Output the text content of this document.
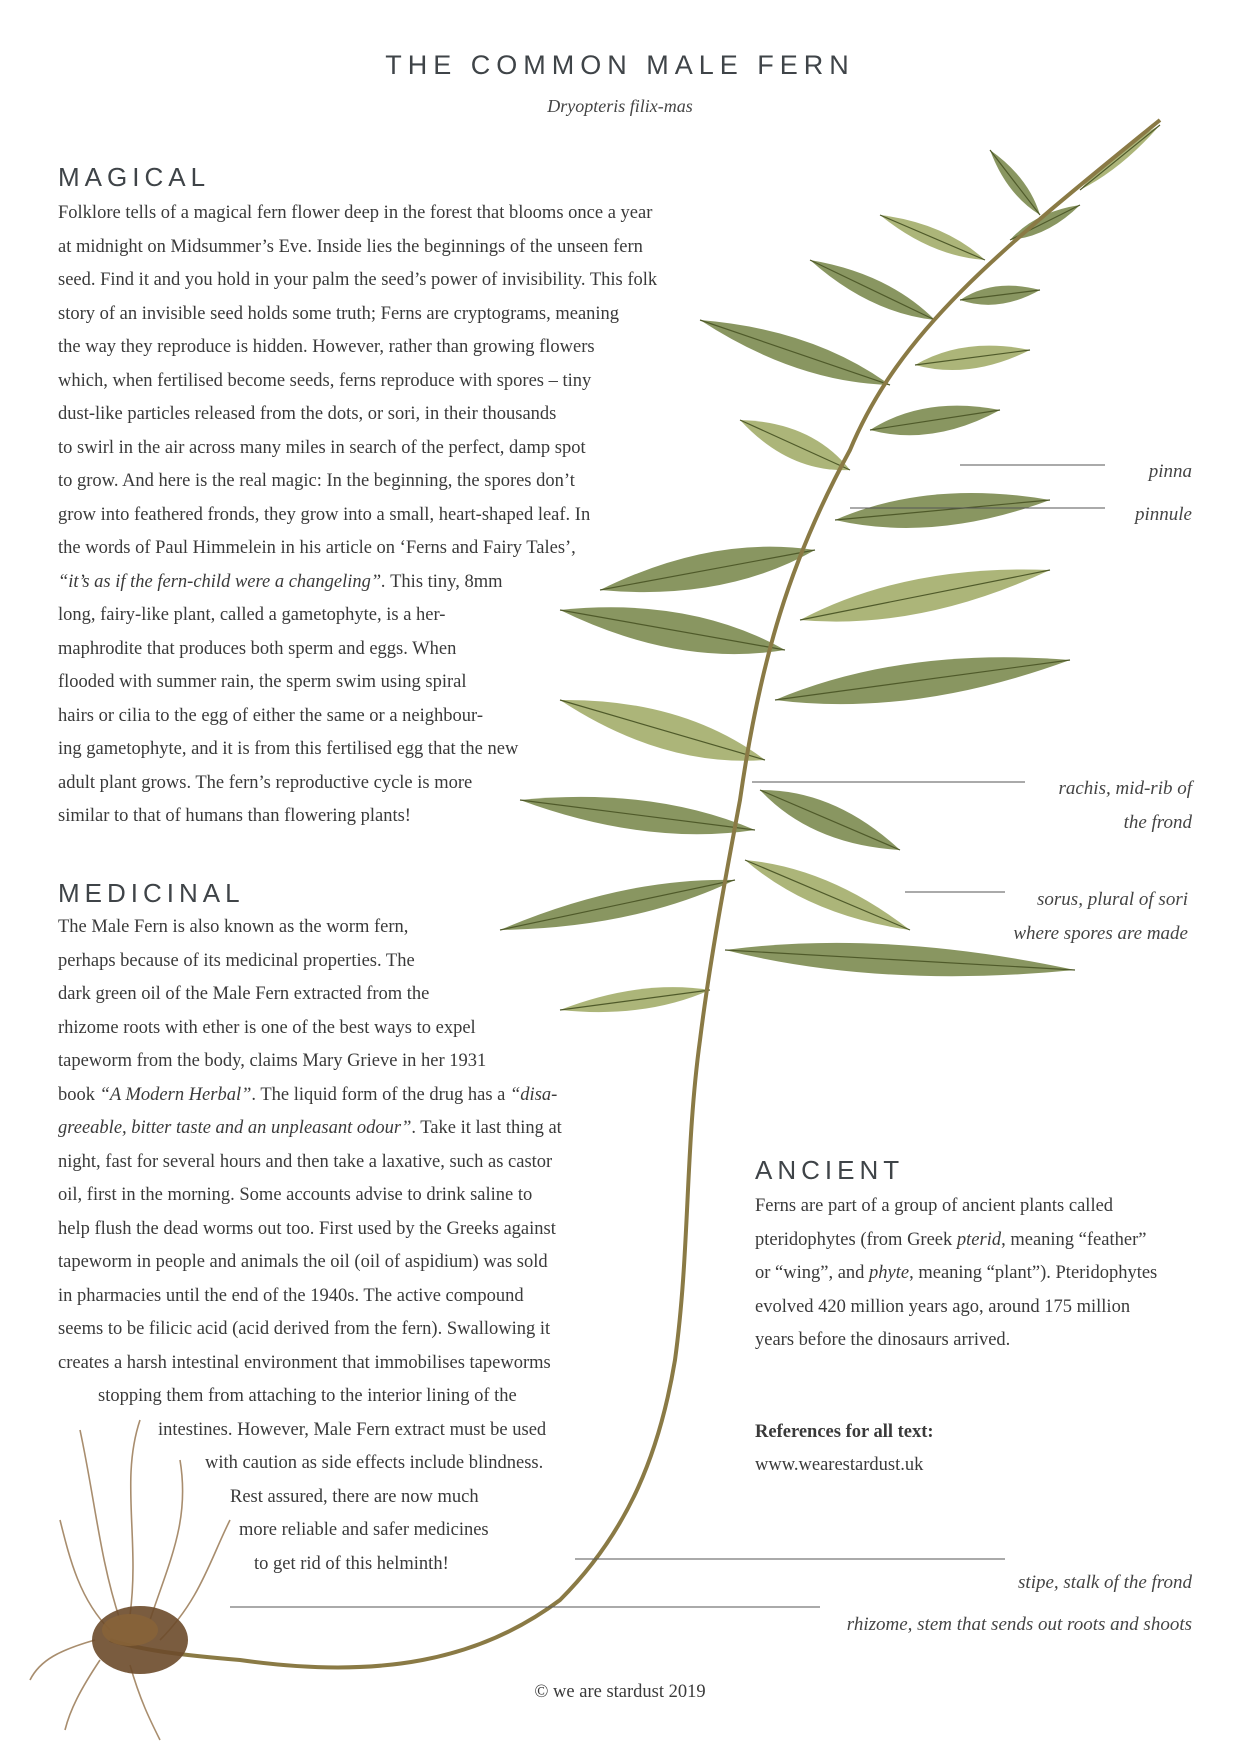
THE COMMON MALE FERN
Dryopteris filix-mas
MAGICAL
Folklore tells of a magical fern flower deep in the forest that blooms once a year
at midnight on Midsummer’s Eve. Inside lies the beginnings of the unseen fern
seed. Find it and you hold in your palm the seed’s power of invisibility. This folk
story of an invisible seed holds some truth; Ferns are cryptograms, meaning
the way they reproduce is hidden. However, rather than growing flowers
which, when fertilised become seeds, ferns reproduce with spores – tiny
dust-like particles released from the dots, or sori, in their thousands
to swirl in the air across many miles in search of the perfect, damp spot
to grow. And here is the real magic: In the beginning, the spores don’t
grow into feathered fronds, they grow into a small, heart-shaped leaf. In
the words of Paul Himmelein in his article on ‘Ferns and Fairy Tales’,
“it’s as if the fern-child were a changeling”. This tiny, 8mm
long, fairy-like plant, called a gametophyte, is a her-
maphrodite that produces both sperm and eggs. When
flooded with summer rain, the sperm swim using spiral
hairs or cilia to the egg of either the same or a neighbour-
ing gametophyte, and it is from this fertilised egg that the new
adult plant grows. The fern’s reproductive cycle is more
similar to that of humans than flowering plants!
MEDICINAL
The Male Fern is also known as the worm fern,
perhaps because of its medicinal properties. The
dark green oil of the Male Fern extracted from the
rhizome roots with ether is one of the best ways to expel
tapeworm from the body, claims Mary Grieve in her 1931
book “A Modern Herbal”. The liquid form of the drug has a “disa-
greeable, bitter taste and an unpleasant odour”. Take it last thing at
night, fast for several hours and then take a laxative, such as castor
oil, first in the morning. Some accounts advise to drink saline to
help flush the dead worms out too. First used by the Greeks against
tapeworm in people and animals the oil (oil of aspidium) was sold
in pharmacies until the end of the 1940s. The active compound
seems to be filicic acid (acid derived from the fern). Swallowing it
creates a harsh intestinal environment that immobilises tapeworms
stopping them from attaching to the interior lining of the
intestines. However, Male Fern extract must be used
with caution as side effects include blindness.
Rest assured, there are now much
more reliable and safer medicines
to get rid of this helminth!
ANCIENT
Ferns are part of a group of ancient plants called
pteridophytes (from Greek pterid, meaning “feather”
or “wing”, and phyte, meaning “plant”). Pteridophytes
evolved 420 million years ago, around 175 million
years before the dinosaurs arrived.
References for all text:
www.wearestardust.uk
pinna
pinnule
rachis, mid-rib of
the frond
sorus, plural of sori
where spores are made
stipe, stalk of the frond
rhizome, stem that sends out roots and shoots
© we are stardust 2019
